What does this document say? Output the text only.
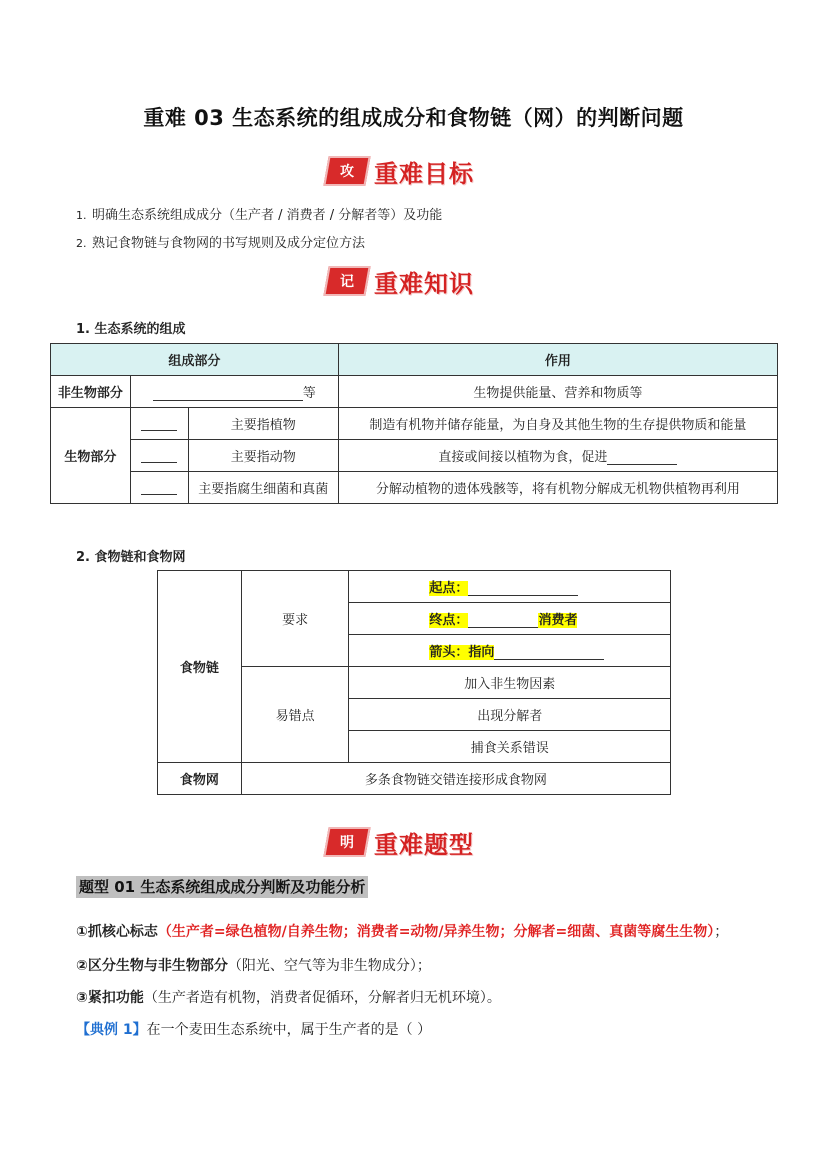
重难 03 生态系统的组成成分和食物链（网）的判断问题
攻 重难目标
1. 明确生态系统组成成分（生产者 / 消费者 / 分解者等）及功能
2. 熟记食物链与食物网的书写规则及成分定位方法
记 重难知识
1. 生态系统的组成
组成部分			作用
非生物部分	等		生物提供能量、营养和物质等
生物部分		主要指植物	制造有机物并储存能量，为自身及其他生物的生存提供物质和能量
		主要指动物	直接或间接以植物为食，促进
		主要指腐生细菌和真菌	分解动植物的遗体残骸等，将有机物分解成无机物供植物再利用
2. 食物链和食物网
食物链	要求	起点：
		终点： 消费者
		箭头：指向
	易错点	加入非生物因素
		出现分解者
		捕食关系错误
食物网	多条食物链交错连接形成食物网	
明 重难题型
题型 01 生态系统组成成分判断及功能分析
①抓核心标志（生产者=绿色植物/自养生物；消费者=动物/异养生物；分解者=细菌、真菌等腐生生物）；
②区分生物与非生物部分（阳光、空气等为非生物成分）；
③紧扣功能（生产者造有机物，消费者促循环，分解者归无机环境）。
【典例 1】在一个麦田生态系统中，属于生产者的是（ ）
